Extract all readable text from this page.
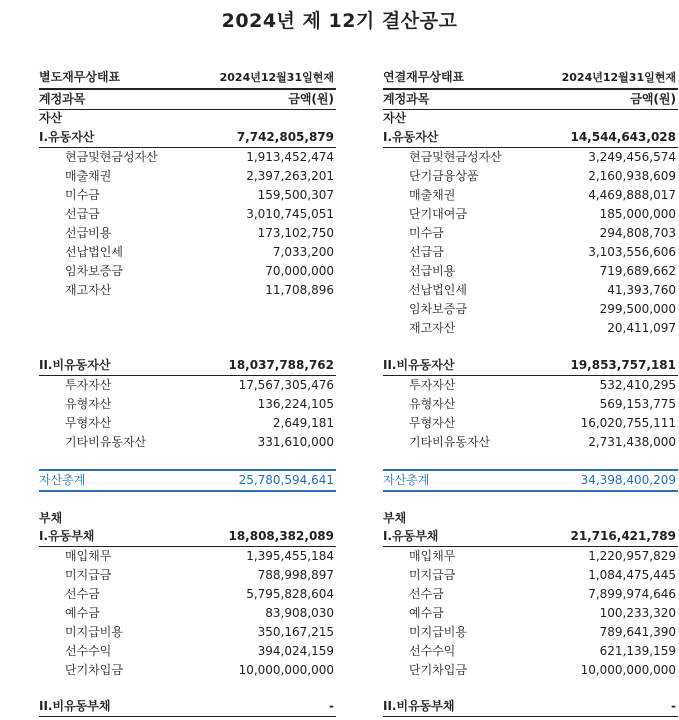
2024년 제 12기 결산공고
별도재무상태표	2024년12월31일현재
계정과목	금액(원)
자산
I.유동자산	7,742,805,879
현금및현금성자산	1,913,452,474
매출채권	2,397,263,201
미수금	159,500,307
선급금	3,010,745,051
선급비용	173,102,750
선납법인세	7,033,200
임차보증금	70,000,000
재고자산	11,708,896
II.비유동자산	18,037,788,762
투자자산	17,567,305,476
유형자산	136,224,105
무형자산	2,649,181
기타비유동자산	331,610,000
자산총계	25,780,594,641
부채
I.유동부채	18,808,382,089
매입채무	1,395,455,184
미지급금	788,998,897
선수금	5,795,828,604
예수금	83,908,030
미지급비용	350,167,215
선수수익	394,024,159
단기차입금	10,000,000,000
II.비유동부채	-
연결재무상태표	2024년12월31일현재
계정과목	금액(원)
자산
I.유동자산	14,544,643,028
현금및현금성자산	3,249,456,574
단기금융상품	2,160,938,609
매출채권	4,469,888,017
단기대여금	185,000,000
미수금	294,808,703
선급금	3,103,556,606
선급비용	719,689,662
선납법인세	41,393,760
임차보증금	299,500,000
재고자산	20,411,097
II.비유동자산	19,853,757,181
투자자산	532,410,295
유형자산	569,153,775
무형자산	16,020,755,111
기타비유동자산	2,731,438,000
자산총계	34,398,400,209
부채
I.유동부채	21,716,421,789
매입채무	1,220,957,829
미지급금	1,084,475,445
선수금	7,899,974,646
예수금	100,233,320
미지급비용	789,641,390
선수수익	621,139,159
단기차입금	10,000,000,000
II.비유동부채	-
